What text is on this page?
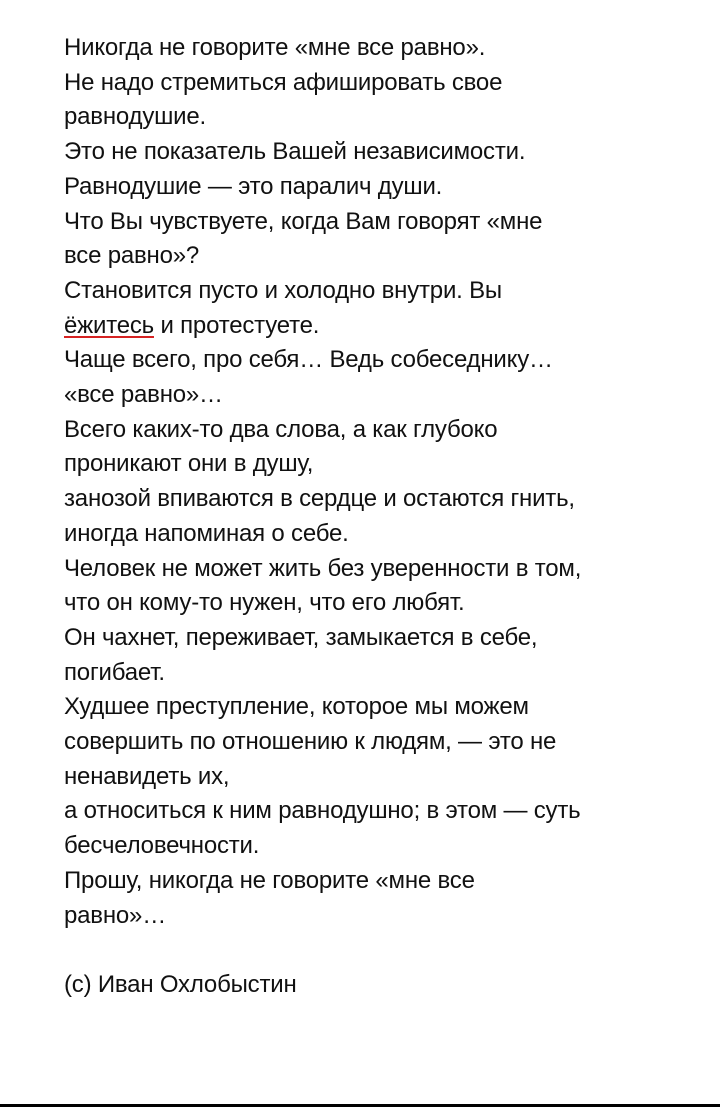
Никогда не говорите «мне все равно».
Не надо стремиться афишировать свое
равнодушие.
Это не показатель Вашей независимости.
Равнодушие — это паралич души.
Что Вы чувствуете, когда Вам говорят «мне
все равно»?
Становится пусто и холодно внутри. Вы
ёжитесь и протестуете.
Чаще всего, про себя… Ведь собеседнику…
«все равно»…
Всего каких-то два слова, а как глубоко
проникают они в душу,
занозой впиваются в сердце и остаются гнить,
иногда напоминая о себе.
Человек не может жить без уверенности в том,
что он кому-то нужен, что его любят.
Он чахнет, переживает, замыкается в себе,
погибает.
Худшее преступление, которое мы можем
совершить по отношению к людям, — это не
ненавидеть их,
а относиться к ним равнодушно; в этом — суть
бесчеловечности.
Прошу, никогда не говорите «мне все
равно»…
(с) Иван Охлобыстин
